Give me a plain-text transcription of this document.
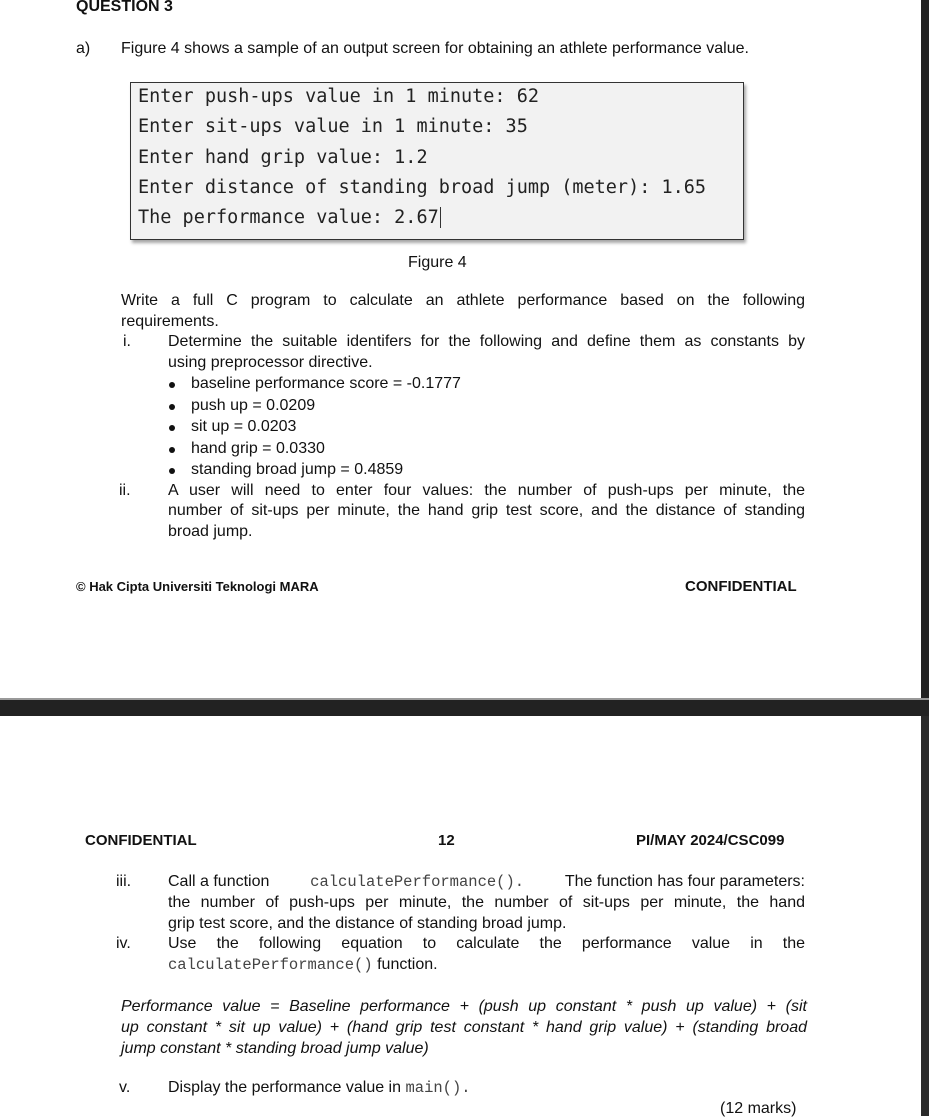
QUESTION 3
a) Figure 4 shows a sample of an output screen for obtaining an athlete performance value.
Enter push-ups value in 1 minute: 62
Enter sit-ups value in 1 minute: 35
Enter hand grip value: 1.2
Enter distance of standing broad jump (meter): 1.65
The performance value: 2.67
Figure 4
Write a full C program to calculate an athlete performance based on the following
requirements.
i. Determine the suitable identifers for the following and define them as constants by
using preprocessor directive.
baseline performance score = -0.1777
push up = 0.0209
sit up = 0.0203
hand grip = 0.0330
standing broad jump = 0.4859
ii. A user will need to enter four values: the number of push-ups per minute, the
number of sit-ups per minute, the hand grip test score, and the distance of standing
broad jump.
© Hak Cipta Universiti Teknologi MARA	CONFIDENTIAL
CONFIDENTIAL	12	PI/MAY 2024/CSC099
iii. Call a function	calculatePerformance().	The function has four parameters:
the number of push-ups per minute, the number of sit-ups per minute, the hand
grip test score, and the distance of standing broad jump.
iv. Use the following equation to calculate the performance value in the
calculatePerformance() function.
Performance value = Baseline performance + (push up constant * push up value) + (sit
up constant * sit up value) + (hand grip test constant * hand grip value) + (standing broad
jump constant * standing broad jump value)
v. Display the performance value in main().
(12 marks)
